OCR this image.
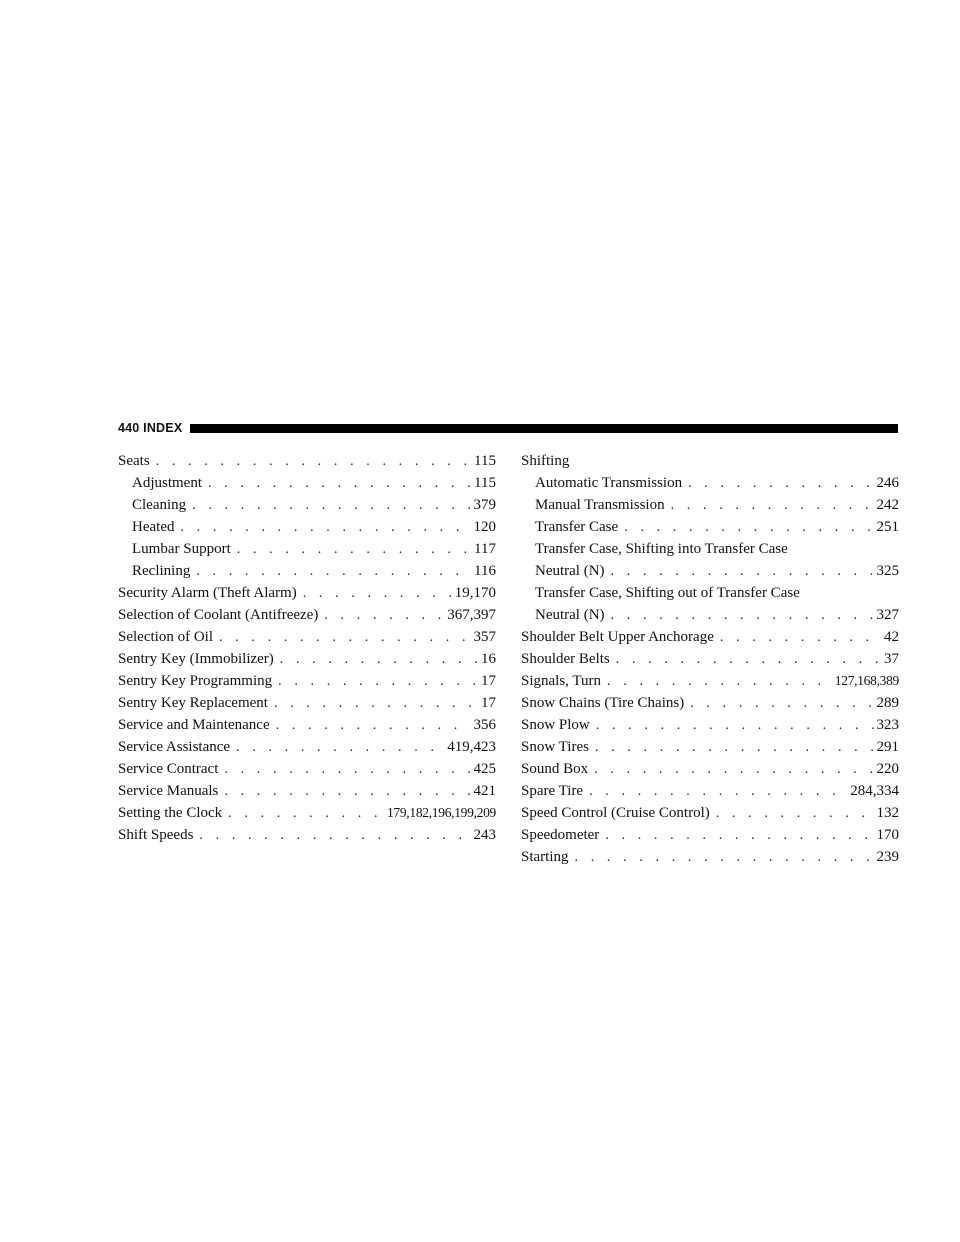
440 INDEX
Seats . . .	115
Adjustment . . .	115
Cleaning . . .	379
Heated . . .	120
Lumbar Support . . .	117
Reclining . . .	116
Security Alarm (Theft Alarm) . . .	19,170
Selection of Coolant (Antifreeze) . . .	367,397
Selection of Oil . . .	357
Sentry Key (Immobilizer) . . .	16
Sentry Key Programming . . .	17
Sentry Key Replacement . . .	17
Service and Maintenance . . .	356
Service Assistance . . .	419,423
Service Contract . . .	425
Service Manuals . . .	421
Setting the Clock . . .	179,182,196,199,209
Shift Speeds . . .	243
Shifting
Automatic Transmission . . .	246
Manual Transmission . . .	242
Transfer Case . . .	251
Transfer Case, Shifting into Transfer Case
Neutral (N) . . .	325
Transfer Case, Shifting out of Transfer Case
Neutral (N) . . .	327
Shoulder Belt Upper Anchorage . . .	42
Shoulder Belts . . .	37
Signals, Turn . . .	127,168,389
Snow Chains (Tire Chains) . . .	289
Snow Plow . . .	323
Snow Tires . . .	291
Sound Box . . .	220
Spare Tire . . .	284,334
Speed Control (Cruise Control) . . .	132
Speedometer . . .	170
Starting . . .	239
